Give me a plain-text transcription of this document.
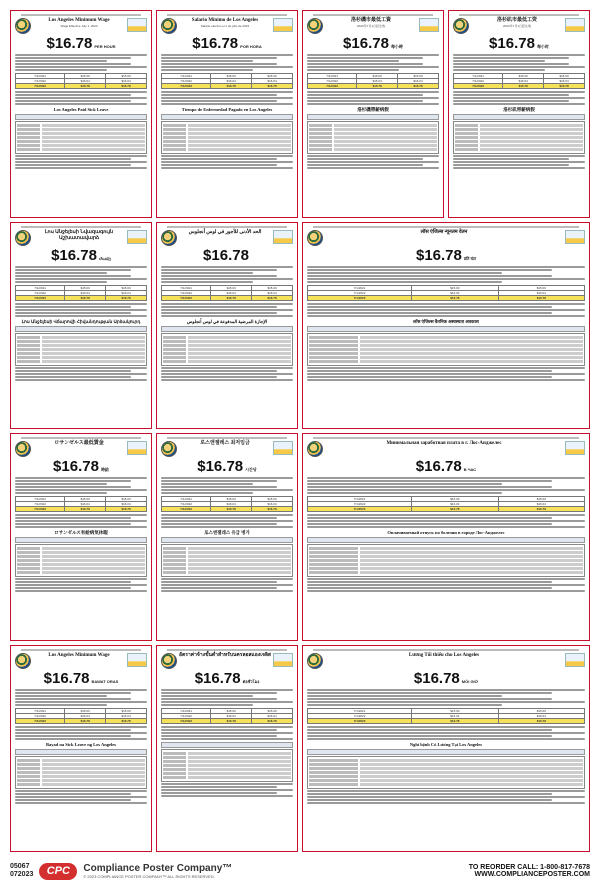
Los Angeles Minimum Wage
Wage Effective July 1, 2023
$16.78 PER HOUR
7/1/2021	$15.00	$15.00
7/1/2022	$16.04	$16.04
7/1/2023	$16.78	$16.78
Los Angeles Paid Sick Leave
Salario Mínimo de Los Angeles
Salario efectivo el 1 de julio de 2023
$16.78 POR HORA
7/1/2021	$15.00	$15.00
7/1/2022	$16.04	$16.04
7/1/2023	$16.78	$16.78
Tiempo de Enfermedad Pagado en Los Angeles
洛杉磯市最低工資
2023年7月1日起生效
$16.78 每小時
7/1/2021	$15.00	$15.00
7/1/2022	$16.04	$16.04
7/1/2023	$16.78	$16.78
洛杉磯帶薪病假
洛杉矶市最低工资
2023年7月1日起生效
$16.78 每小时
7/1/2021	$15.00	$15.00
7/1/2022	$16.04	$16.04
7/1/2023	$16.78	$16.78
洛杉矶带薪病假
Լոս Անջելեսի Նվազագույն Աշխատավարձ
$16.78 Ժամը
7/1/2021	$15.00	$15.00
7/1/2022	$16.04	$16.04
7/1/2023	$16.78	$16.78
Լոս Անջելեսի Վճարովի Հիվանդության Արձակուրդ
الحد الأدنى للأجور في لوس أنجلوس
$16.78
7/1/2021	$15.00	$15.00
7/1/2022	$16.04	$16.04
7/1/2023	$16.78	$16.78
الإجازة المرضية المدفوعة في لوس أنجلوس
लॉस एंजिल्स न्यूनतम वेतन
$16.78 प्रति घंटा
7/1/2021	$15.00	$15.00
7/1/2022	$16.04	$16.04
7/1/2023	$16.78	$16.78
लॉस एंजिल्स वैतनिक अस्वस्थता अवकाश
ロサンゼルス最低賃金
$16.78 時給
7/1/2021	$15.00	$15.00
7/1/2022	$16.04	$16.04
7/1/2023	$16.78	$16.78
ロサンゼルス有給病気休暇
로스앤젤레스 최저임금
$16.78 시간당
7/1/2021	$15.00	$15.00
7/1/2022	$16.04	$16.04
7/1/2023	$16.78	$16.78
로스앤젤레스 유급 병가
Минимальная заработная плата в г. Лос-Анджелес
$16.78 В ЧАС
7/1/2021	$15.00	$15.00
7/1/2022	$16.04	$16.04
7/1/2023	$16.78	$16.78
Оплачиваемый отпуск по болезни в городе Лос-Анджелес
Los Angeles Minimum Wage
$16.78 BAWAT ORAS
7/1/2021	$15.00	$15.00
7/1/2022	$16.04	$16.04
7/1/2023	$16.78	$16.78
Bayad na Sick Leave ng Los Angeles
อัตราค่าจ้างขั้นต่ำสำหรับนครลอสแองเจลิส
$16.78 ต่อชั่วโมง
7/1/2021	$15.00	$15.00
7/1/2022	$16.04	$16.04
7/1/2023	$16.78	$16.78
Lương Tối thiểu cho Los Angeles
$16.78 MỖI GIỜ
7/1/2021	$15.00	$15.00
7/1/2022	$16.04	$16.04
7/1/2023	$16.78	$16.78
Nghỉ bệnh Có Lương Tại Los Angeles
05067
072023	CPC	Compliance Poster Company™
© 2023 COMPLIANCE POSTER COMPANY™ ALL RIGHTS RESERVED.
TO REORDER CALL: 1-800-817-7678
WWW.COMPLIANCEPOSTER.COM
